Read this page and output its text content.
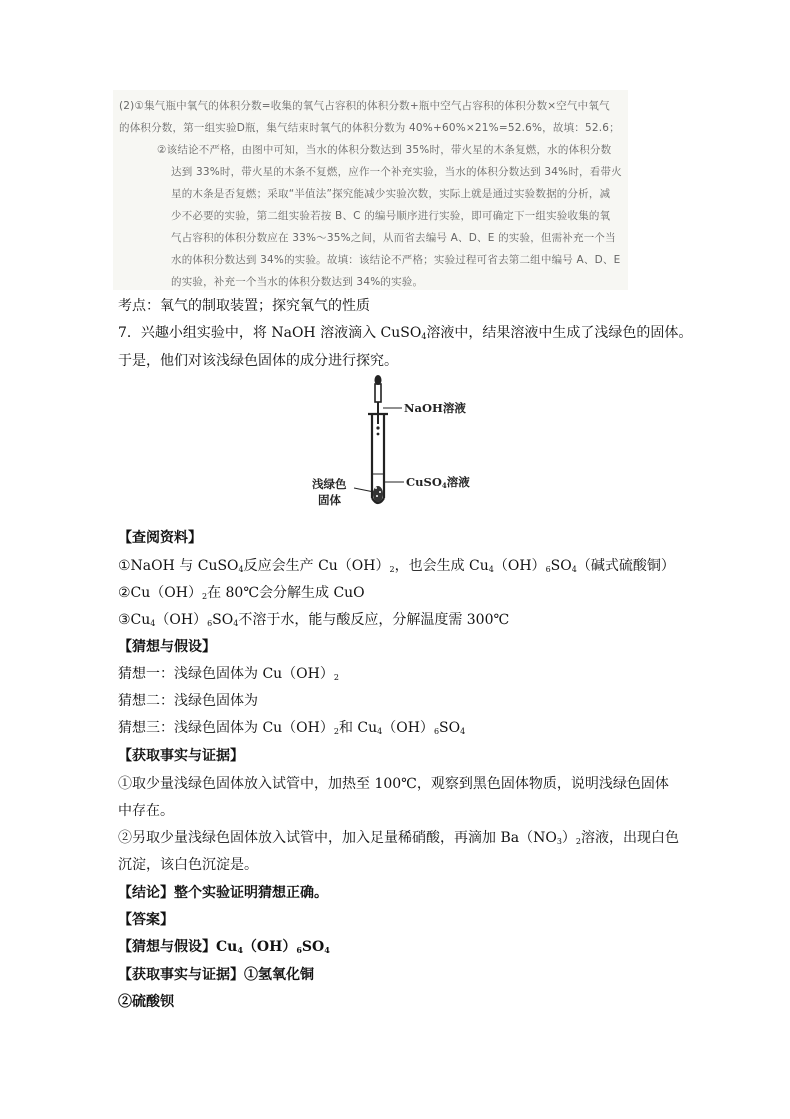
(2)①集气瓶中氧气的体积分数=收集的氧气占容积的体积分数+瓶中空气占容积的体积分数×空气中氧气
的体积分数，第一组实验D瓶，集气结束时氧气的体积分数为 40%+60%×21%=52.6%，故填：52.6；
②该结论不严格，由图中可知，当水的体积分数达到 35%时，带火星的木条复燃，水的体积分数
达到 33%时，带火星的木条不复燃，应作一个补充实验，当水的体积分数达到 34%时，看带火
星的木条是否复燃；采取“半值法”探究能减少实验次数，实际上就是通过实验数据的分析，减
少不必要的实验，第二组实验若按 B、C 的编号顺序进行实验，即可确定下一组实验收集的氧
气占容积的体积分数应在 33%～35%之间，从而省去编号 A、D、E 的实验，但需补充一个当
水的体积分数达到 34%的实验。故填：该结论不严格；实验过程可省去第二组中编号 A、D、E
的实验，补充一个当水的体积分数达到 34%的实验。
考点：氧气的制取装置；探究氧气的性质
7．兴趣小组实验中，将 NaOH 溶液滴入 CuSO$_4$溶液中，结果溶液中生成了浅绿色的固体。
于是，他们对该浅绿色固体的成分进行探究。
NaOH溶液
CuSO4溶液
浅绿色
固体
【查阅资料】
①NaOH 与 CuSO$_4$反应会生产 $Cu(OH)_2$，也会生成 $Cu_4(OH)_6SO_4$（碱式硫酸铜）
$②Cu(OH)_2$在 80℃会分解生成 CuO
$③Cu_4(OH)_6SO_4$不溶于水，能与酸反应，分解温度需 300℃
【猜想与假设】
猜想一：浅绿色固体为 $Cu(OH)_2$
猜想二：浅绿色固体为
猜想三：浅绿色固体为 $Cu(OH)_2$和 $Cu_4(OH)_6SO_4$
【获取事实与证据】
①取少量浅绿色固体放入试管中，加热至 100℃，观察到黑色固体物质，说明浅绿色固体
中存在。
②另取少量浅绿色固体放入试管中，加入足量稀硝酸，再滴加 $Ba(NO_3)_2$溶液，出现白色
沉淀，该白色沉淀是。
【结论】整个实验证明猜想正确。
【答案】
【猜想与假设】$Cu_4(OH)_6SO_4$
【获取事实与证据】①氢氧化铜
②硫酸钡
